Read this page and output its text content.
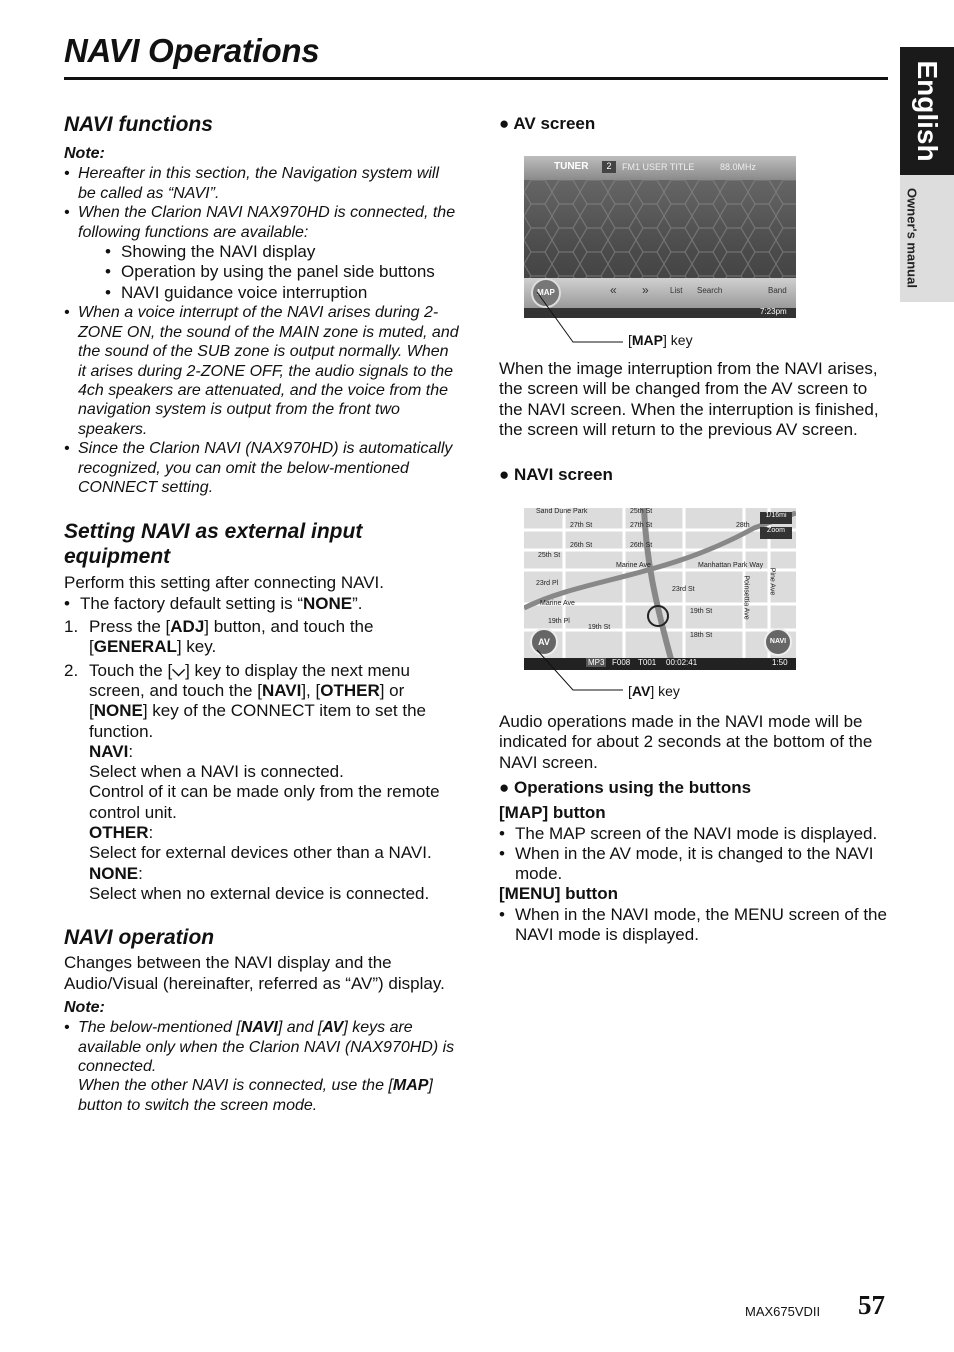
NAVI Operations
English
Owner's manual
NAVI functions
Note:
• Hereafter in this section, the Navigation system will be called as “NAVI”.
• When the Clarion NAVI NAX970HD is connected, the following functions are available:
• Showing the NAVI display
• Operation by using the panel side buttons
• NAVI guidance voice interruption
• When a voice interrupt of the NAVI arises during 2-ZONE ON, the sound of the MAIN zone is muted, and the sound of the SUB zone is output normally. When it arises during 2-ZONE OFF, the audio signals to the 4ch speakers are attenuated, and the voice from the navigation system is output from the front two speakers.
• Since the Clarion NAVI (NAX970HD) is automatically recognized, you can omit the below-mentioned CONNECT setting.
Setting NAVI as external input equipment
Perform this setting after connecting NAVI.
• The factory default setting is “NONE”.
1. Press the [ADJ] button, and touch the [GENERAL] key.
2. Touch the [⌵] key to display the next menu screen, and touch the [NAVI], [OTHER] or [NONE] key of the CONNECT item to set the function.
NAVI:
Select when a NAVI is connected.
Control of it can be made only from the remote control unit.
OTHER:
Select for external devices other than a NAVI.
NONE:
Select when no external device is connected.
NAVI operation
Changes between the NAVI display and the Audio/Visual (hereinafter, referred as “AV”) display.
Note:
• The below-mentioned [NAVI] and [AV] keys are available only when the Clarion NAVI (NAX970HD) is connected.
When the other NAVI is connected, use the [MAP] button to switch the screen mode.
● AV screen
TUNER	2	FM1 USER TITLE	88.0MHz
MAP	« »	List Search	Band
7:23pm
[MAP] key
When the image interruption from the NAVI arises, the screen will be changed from the AV screen to the NAVI screen. When the interruption is finished, the screen will return to the previous AV screen.
● NAVI screen
1/16mi
Zoom
Sand Dune Park
27th St
26th St
25th St
27th St
26th St
25th St
28th
Marine Ave	Manhattan Park Way
23rd St
23rd Pl
Marine Ave
19th St
19th St
18th St
Pine Ave
Poinsettia Ave
19th Pl
AV	NAVI
MP3 F008 T001 00:02:41	1:50
[AV] key
Audio operations made in the NAVI mode will be indicated for about 2 seconds at the bottom of the NAVI screen.
● Operations using the buttons
[MAP] button
• The MAP screen of the NAVI mode is displayed.
• When in the AV mode, it is changed to the NAVI mode.
[MENU] button
• When in the NAVI mode, the MENU screen of the NAVI mode is displayed.
MAX675VDII 57
